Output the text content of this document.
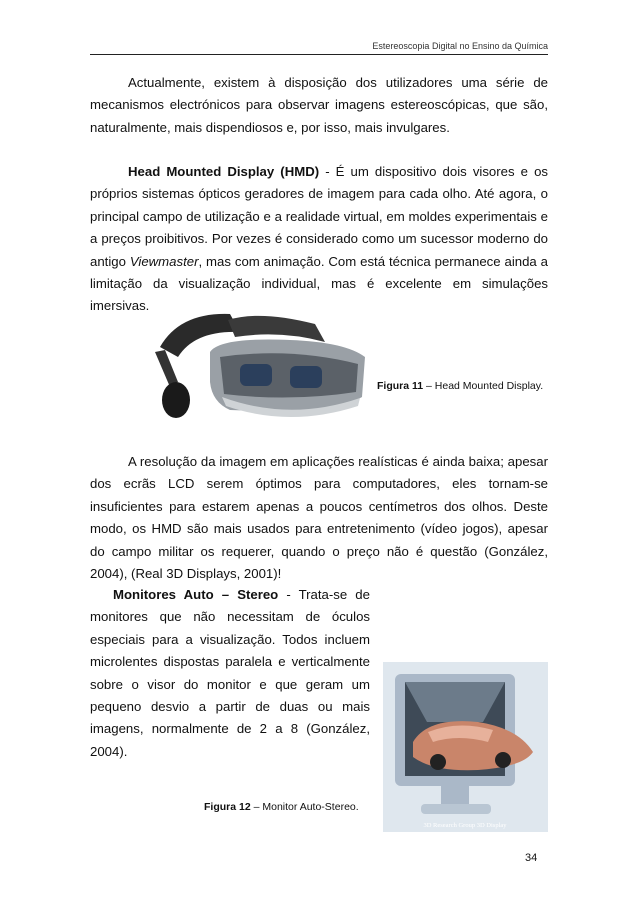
Estereoscopia Digital no Ensino da Química

Actualmente, existem à disposição dos utilizadores uma série de mecanismos electrónicos para observar imagens estereoscópicas, que são, naturalmente, mais dispendiosos e, por isso, mais invulgares.

Head Mounted Display (HMD) - É um dispositivo dois visores e os próprios sistemas ópticos geradores de imagem para cada olho. Até agora, o principal campo de utilização e a realidade virtual, em moldes experimentais e a preços proibitivos. Por vezes é considerado como um sucessor moderno do antigo Viewmaster, mas com animação. Com está técnica permanece ainda a limitação da visualização individual, mas é excelente em simulações imersivas.

Figura 11 – Head Mounted Display.

A resolução da imagem em aplicações realísticas é ainda baixa; apesar dos ecrãs LCD serem óptimos para computadores, eles tornam-se insuficientes para estarem apenas a poucos centímetros dos olhos. Deste modo, os HMD são mais usados para entretenimento (vídeo jogos), apesar do campo militar os requerer, quando o preço não é questão (González, 2004), (Real 3D Displays, 2001)!

Monitores Auto – Stereo - Trata-se de monitores que não necessitam de óculos especiais para a visualização. Todos incluem microlentes dispostas paralela e verticalmente sobre o visor do monitor e que geram um pequeno desvio a partir de duas ou mais imagens, normalmente de 2 a 8 (González, 2004).

3D Research Group 3D Display
Figura 12 – Monitor Auto-Stereo.
34
